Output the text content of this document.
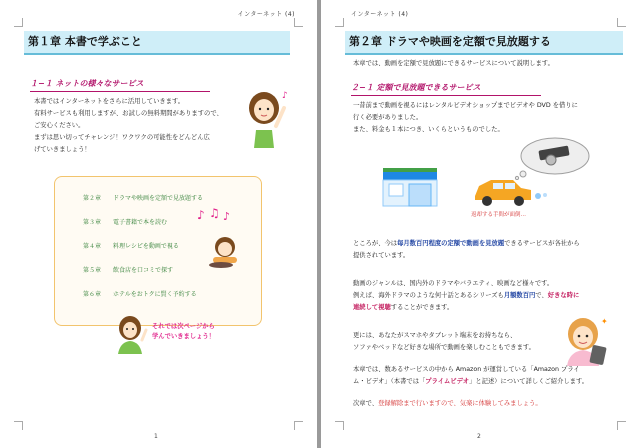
インターネット (4)
第１章 本書で学ぶこと
１−１ ネットの様々なサービス

本書ではインターネットをさらに活用していきます。

有料サービスも利用しますが、お試しの無料期間がありますので、

ご安心ください。

まずは思い切ってチャレンジ！ワクワクの可能性をどんどん広

げていきましょう！

♪
第２章 ドラマや映画を定額で見放題する
第３章 電子書籍で本を読む
第４章 料理レシピを動画で視る
第５章 飲食店を口コミで探す
第６章 ホテルをおトクに賢く予約する
♪ ♫ ♪
それでは次ページから
学んでいきましょう！
1
インターネット (4)
第２章 ドラマや映画を定額で見放題する
本章では、動画を定額で見放題にできるサービスについて説明します。
２−１ 定額で見放題できるサービス

一昔前まで動画を視るにはレンタルビデオショップまでビデオや DVD を借りに

行く必要がありました。

また、料金も１本につき、いくらというものでした。

返却する手間が面倒…

ところが、今は毎月数百円程度の定額で動画を見放題できるサービスが各社から

提供されています。

動画のジャンルは、国内外のドラマやバラエティ、映画など様々です。

例えば、海外ドラマのような何十話とあるシリーズも月額数百円で、好きな時に

連続して視聴することができます。

更には、あなたがスマホやタブレット端末をお持ちなら、

ソファやベッドなど好きな場所で動画を楽しむこともできます。

✦

本章では、数あるサービスの中から Amazon が運営している「Amazon プライ

ム・ビデオ」（本書では「プライムビデオ」と記述）について詳しくご紹介します。

次章で、登録解除まで行いますので、気楽に体験してみましょう。

2
